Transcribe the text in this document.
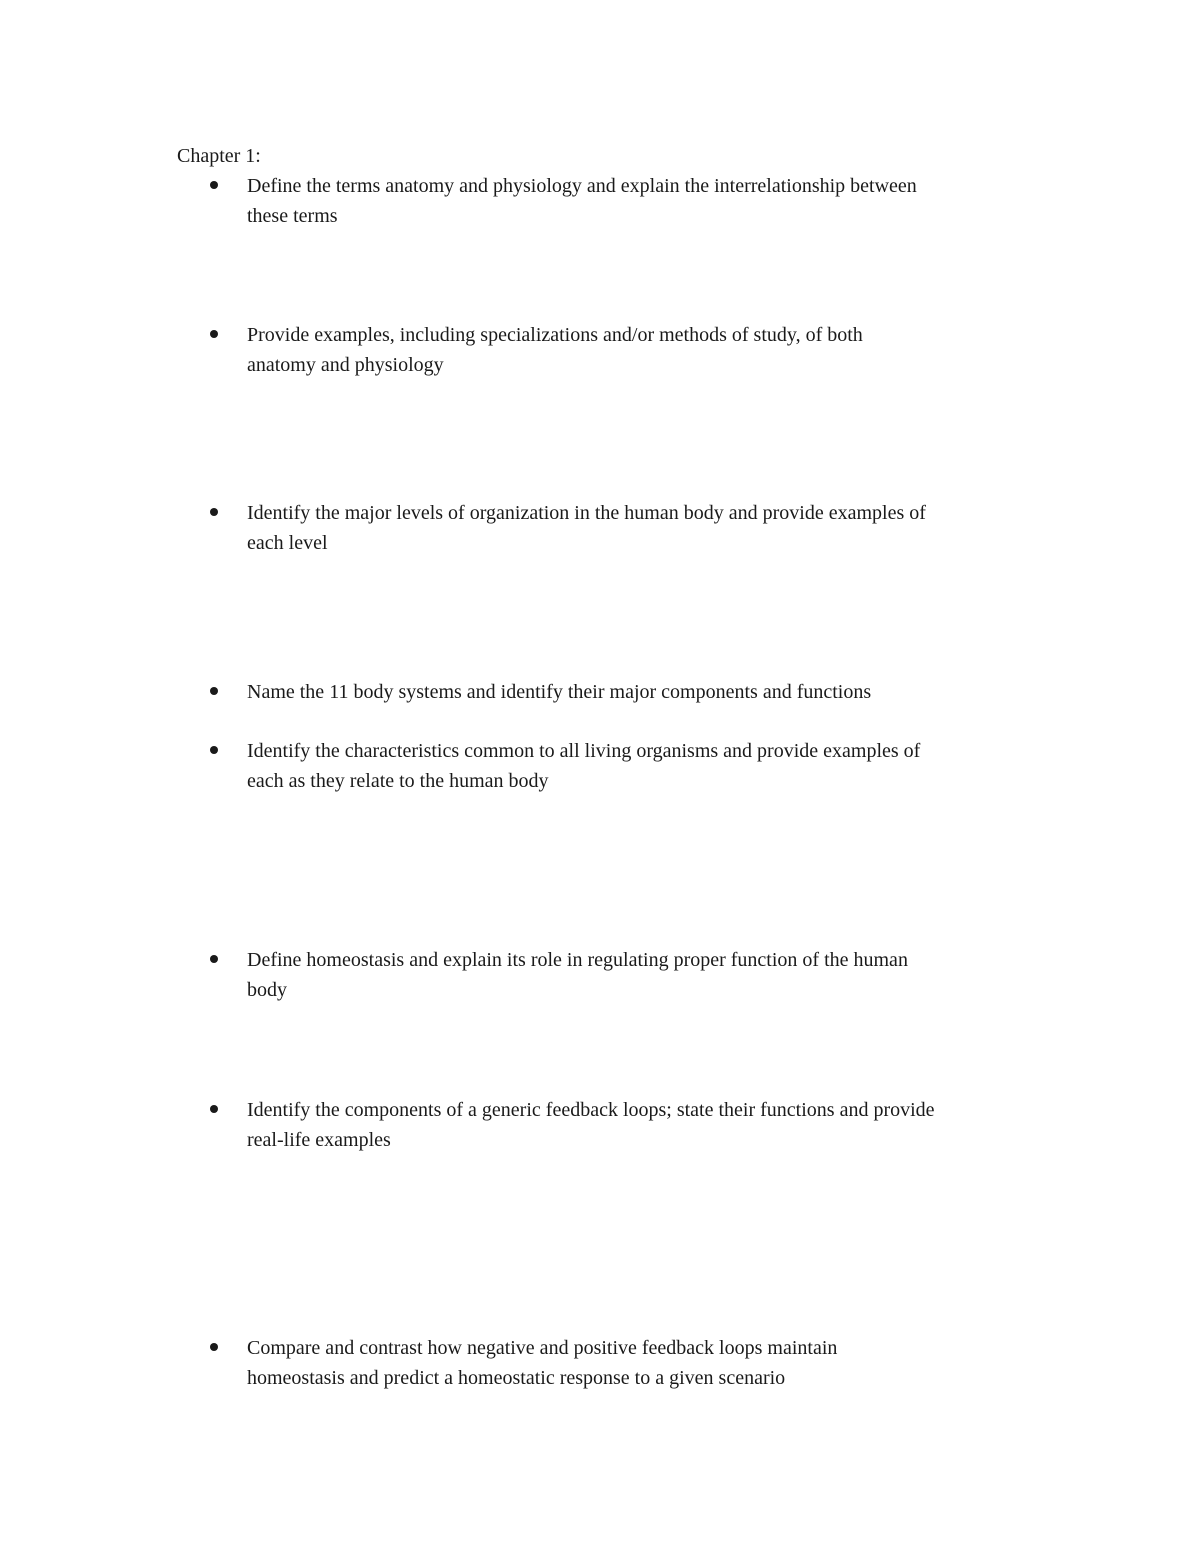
Chapter 1:

Define the terms anatomy and physiology and explain the interrelationship between
these terms

Provide examples, including specializations and/or methods of study, of both
anatomy and physiology

Identify the major levels of organization in the human body and provide examples of
each level

Name the 11 body systems and identify their major components and functions

Identify the characteristics common to all living organisms and provide examples of
each as they relate to the human body

Define homeostasis and explain its role in regulating proper function of the human
body

Identify the components of a generic feedback loops; state their functions and provide
real-life examples

Compare and contrast how negative and positive feedback loops maintain
homeostasis and predict a homeostatic response to a given scenario
